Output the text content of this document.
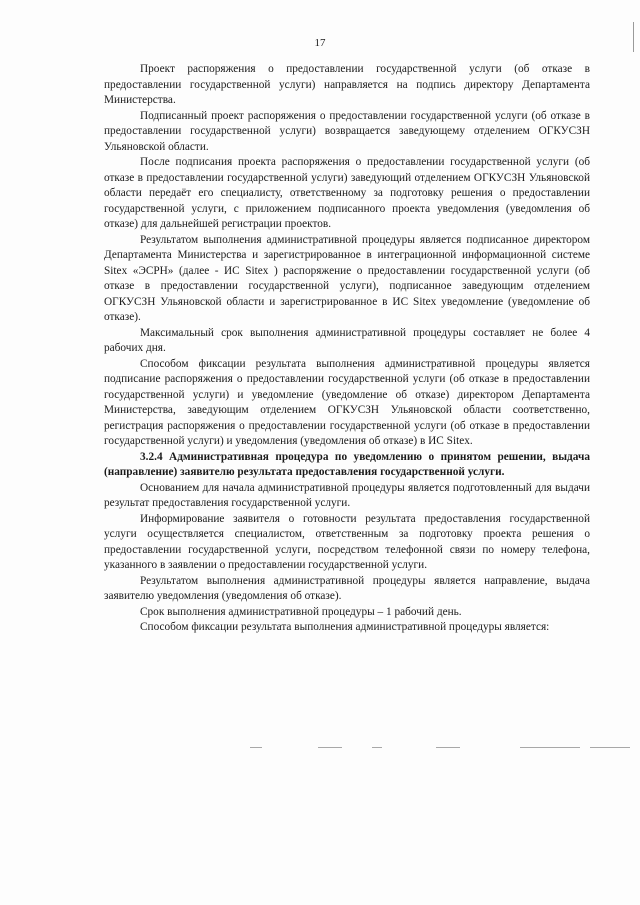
17

Проект распоряжения о предоставлении государственной услуги (об отказе в предоставлении государственной услуги) направляется на подпись директору Департамента Министерства.

Подписанный проект распоряжения о предоставлении государственной услуги (об отказе в предоставлении государственной услуги) возвращается заведующему отделением ОГКУСЗН Ульяновской области.

После подписания проекта распоряжения о предоставлении государственной услуги (об отказе в предоставлении государственной услуги) заведующий отделением ОГКУСЗН Ульяновской области передаёт его специалисту, ответственному за подготовку решения о предоставлении государственной услуги, с приложением подписанного проекта уведомления (уведомления об отказе) для дальнейшей регистрации проектов.

Результатом выполнения административной процедуры является подписанное директором Департамента Министерства и зарегистрированное в интеграционной информационной системе Sitex «ЭСРН» (далее - ИС Sitex ) распоряжение о предоставлении государственной услуги (об отказе в предоставлении государственной услуги), подписанное заведующим отделением ОГКУСЗН Ульяновской области и зарегистрированное в ИС Sitex уведомление (уведомление об отказе).

Максимальный срок выполнения административной процедуры составляет не более 4 рабочих дня.

Способом фиксации результата выполнения административной процедуры является подписание распоряжения о предоставлении государственной услуги (об отказе в предоставлении государственной услуги) и уведомление (уведомление об отказе) директором Департамента Министерства, заведующим отделением ОГКУСЗН Ульяновской области соответственно, регистрация распоряжения о предоставлении государственной услуги (об отказе в предоставлении государственной услуги) и уведомления (уведомления об отказе) в ИС Sitex.

3.2.4 Административная процедура по уведомлению о принятом решении, выдача (направление) заявителю результата предоставления государственной услуги.

Основанием для начала административной процедуры является подготовленный для выдачи результат предоставления государственной услуги.

Информирование заявителя о готовности результата предоставления государственной услуги осуществляется специалистом, ответственным за подготовку проекта решения о предоставлении государственной услуги, посредством телефонной связи по номеру телефона, указанного в заявлении о предоставлении государственной услуги.

Результатом выполнения административной процедуры является направление, выдача заявителю уведомления (уведомления об отказе).

Срок выполнения административной процедуры – 1 рабочий день.

Способом фиксации результата выполнения административной процедуры является:
